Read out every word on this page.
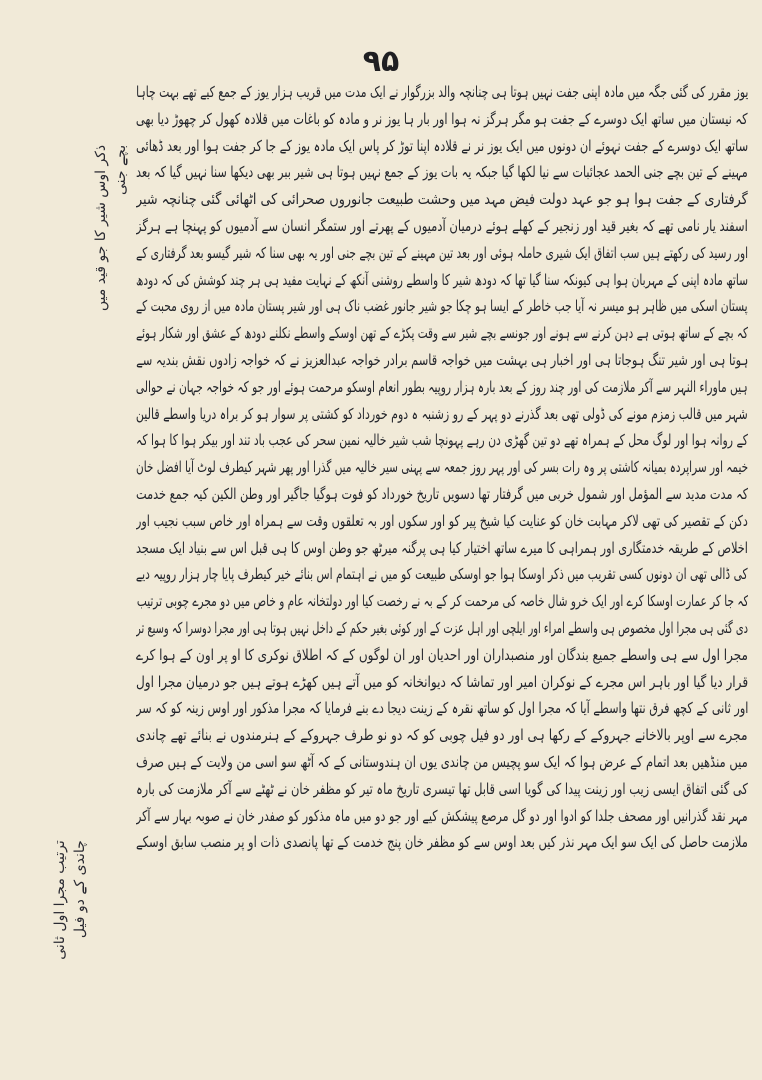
۹۵
ذکر اوس شیر کا جو قید میں بچے جنی
ترتیب مجرا اول ثانی چاندی کے دو فیل
یوز مقرر کی گئی جگہ میں مادہ اپنی جفت نہیں ہوتا ہی چنانچہ والد بزرگوار نے ایک مدت میں قریب ہزار یوز کے جمع کیے تھے بہت چاہا
کہ نیستان میں ساتھ ایک دوسرے کے جفت ہو مگر ہرگز نہ ہوا اور بار ہا یوز نر و مادہ کو باغات میں قلادہ کھول کر چھوڑ دیا بھی
ساتھ ایک دوسرے کے جفت نہوئے ان دونوں میں ایک یوز نر نے قلادہ اپنا توڑ کر پاس ایک مادہ یوز کے جا کر جفت ہوا اور بعد ڈھائی
مہینے کے تین بچے جنی الحمد عجائبات سے نیا لکھا گیا جبکہ یہ بات یوز کے جمع نہیں ہوتا ہی شیر ببر بھی دیکھا سنا نہیں گیا کہ بعد
گرفتاری کے جفت ہوا ہو جو عہد دولت فیض مہد میں وحشت طبیعت جانوروں صحرائی کی اٹھائی گئی چنانچہ شیر
اسفند یار نامی تھے کہ بغیر قید اور زنجیر کے کھلے ہوئے درمیان آدمیوں کے پھرتے اور ستمگر انسان سے آدمیوں کو پہنچا ہے ہرگز
اور رسید کی رکھتے ہیں سب اتفاق ایک شیری حاملہ ہوئی اور بعد تین مہینے کے تین بچے جنی اور یہ بھی سنا کہ شیر گیسو بعد گرفتاری کے
ساتھ مادہ اپنی کے مہربان ہوا ہی کیونکہ سنا گیا تھا کہ دودھ شیر کا واسطے روشنی آنکھ کے نہایت مفید ہی ہر چند کوشش کی کہ دودھ
پستان اسکی میں ظاہر ہو میسر نہ آیا جب خاطر کے ایسا ہو چکا جو شیر جانور غضب ناک ہی اور شیر پستان مادہ میں از روی محبت کے
کہ بچے کے ساتھ ہوتی ہے دہن کرنے سے ہونے اور جونسے بچے شیر سے وقت پکڑے کے تھن اوسکے واسطے نکلنے دودھ کے عشق اور شکار ہوئے
ہوتا ہی اور شیر تنگ ہوجاتا ہی اور اخبار ہی بہشت میں خواجہ قاسم برادر خواجہ عبدالعزیز نے کہ خواجہ زادوں نقش بندیہ سے
ہیں ماوراء النہر سے آکر ملازمت کی اور چند روز کے بعد بارہ ہزار روپیہ بطور انعام اوسکو مرحمت ہوئے اور جو کہ خواجہ جہان نے حوالی
شہر میں قالب زمزم مونے کی ڈولی تھی بعد گذرنے دو پہر کے رو زشنبہ ہ دوم خورداد کو کشتی پر سوار ہو کر براہ دریا واسطے قالین
کے روانہ ہوا اور لوگ محل کے ہمراہ تھے دو تین گھڑی دن رہے پہونچا شب شیر خالیہ نمین سحر کی عجب باد تند اور بیکر ہوا کا ہوا کہ
خیمہ اور سراپردہ بمیانہ کاشتی پر وہ رات بسر کی اور پہر روز جمعہ سے پہنی سیر خالیہ میں گذرا اور پھر شہر کیطرف لوٹ آیا افضل خان
کہ مدت مدید سے المؤمل اور شمول خربی میں گرفتار تھا دسویں تاریخ خورداد کو فوت ہوگیا جاگیر اور وطن الکین کیہ جمع خدمت
دکن کے تقصیر کی تھی لاکر مہابت خان کو عنایت کیا شیخ پیر کو اور سکوں اور بہ تعلقوں وقت سے ہمراہ اور خاص سبب نجیب اور
اخلاص کے طریقہ خدمتگاری اور ہمراہی کا میرے ساتھ اختیار کیا ہی پرگنہ میرٹھ جو وطن اوس کا ہی قبل اس سے بنیاد ایک مسجد
کی ڈالی تھی ان دونوں کسی تقریب میں ذکر اوسکا ہوا جو اوسکی طبیعت کو میں نے اہتمام اس بنائے خیر کیطرف پایا چار ہزار روپیہ دیے
کہ جا کر عمارت اوسکا کرے اور ایک خرو شال خاصہ کی مرحمت کر کے بہ نے رخصت کیا اور دولتخانہ عام و خاص میں دو مجرے چوبی ترتیب
دی گئی ہی مجرا اول مخصوص ہی واسطے امراء اور ایلچی اور اہل عزت کے اور کوئی بغیر حکم کے داخل نہیں ہوتا ہی اور مجرا دوسرا کہ وسیع تر
مجرا اول سے ہی واسطے جمیع بندگان اور منصبداران اور احدیان اور ان لوگوں کے کہ اطلاق نوکری کا او پر اون کے ہوا کرے
قرار دیا گیا اور باہر اس مجرے کے نوکران امیر اور تماشا کہ دیوانخانہ کو میں آتے ہیں کھڑے ہوتے ہیں جو درمیان مجرا اول
اور ثانی کے کچھ فرق نتھا واسطے آیا کہ مجرا اول کو ساتھ نقرہ کے زینت دیجا دے بنے فرمایا کہ مجرا مذکور اور اوس زینہ کو کہ سر
مجرے سے اوپر بالاخانے جہروکے کے رکھا ہی اور دو فیل چوبی کو کہ دو نو طرف جہروکے کے ہنرمندوں نے بنائے تھے چاندی
میں منڈھیں بعد اتمام کے عرض ہوا کہ ایک سو پچیس من چاندی یوں ان ہندوستانی کے کہ آٹھ سو اسی من ولایت کے ہیں صرف
کی گئی اتفاق ایسی زیب اور زینت پیدا کی گویا اسی قابل تھا تیسری تاریخ ماہ تیر کو مظفر خان نے ٹھٹے سے آکر ملازمت کی بارہ
مہر نقد گذرانیں اور مصحف جلدا کو ادوا اور دو گل مرصع پیشکش کیے اور جو دو میں ماہ مذکور کو صفدر خان نے صوبہ بہار سے آکر
ملازمت حاصل کی ایک سو ایک مہر نذر کیں بعد اوس سے کو مظفر خان پنج خدمت کے تھا پانصدی ذات او پر منصب سابق اوسکے
